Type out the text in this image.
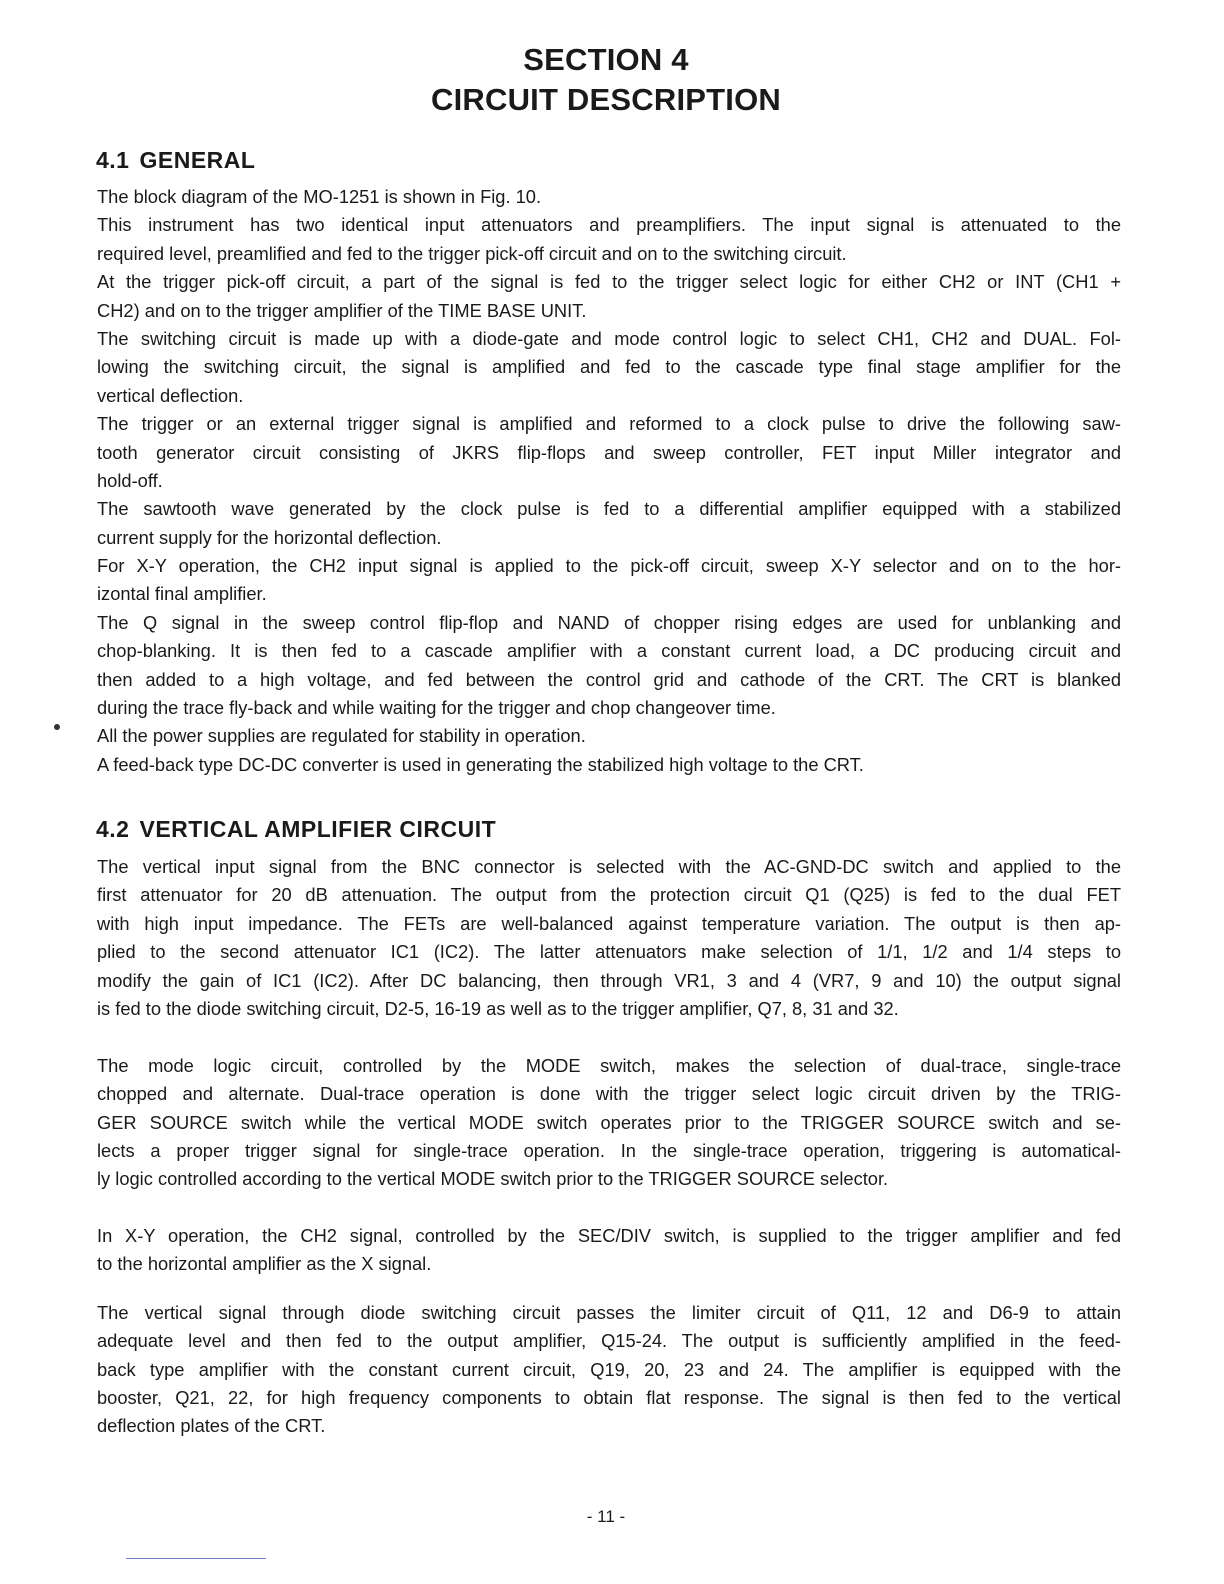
SECTION 4
CIRCUIT DESCRIPTION
4.1 GENERAL
The block diagram of the MO-1251 is shown in Fig. 10.
This instrument has two identical input attenuators and preamplifiers. The input signal is attenuated to the
required level, preamlified and fed to the trigger pick-off circuit and on to the switching circuit.
At the trigger pick-off circuit, a part of the signal is fed to the trigger select logic for either CH2 or INT (CH1 +
CH2) and on to the trigger amplifier of the TIME BASE UNIT.
The switching circuit is made up with a diode-gate and mode control logic to select CH1, CH2 and DUAL. Fol-
lowing the switching circuit, the signal is amplified and fed to the cascade type final stage amplifier for the
vertical deflection.
The trigger or an external trigger signal is amplified and reformed to a clock pulse to drive the following saw-
tooth generator circuit consisting of JKRS flip-flops and sweep controller, FET input Miller integrator and
hold-off.
The sawtooth wave generated by the clock pulse is fed to a differential amplifier equipped with a stabilized
current supply for the horizontal deflection.
For X-Y operation, the CH2 input signal is applied to the pick-off circuit, sweep X-Y selector and on to the hor-
izontal final amplifier.
The Q signal in the sweep control flip-flop and NAND of chopper rising edges are used for unblanking and
chop-blanking. It is then fed to a cascade amplifier with a constant current load, a DC producing circuit and
then added to a high voltage, and fed between the control grid and cathode of the CRT. The CRT is blanked
during the trace fly-back and while waiting for the trigger and chop changeover time.
All the power supplies are regulated for stability in operation.
A feed-back type DC-DC converter is used in generating the stabilized high voltage to the CRT.
4.2 VERTICAL AMPLIFIER CIRCUIT
The vertical input signal from the BNC connector is selected with the AC-GND-DC switch and applied to the
first attenuator for 20 dB attenuation. The output from the protection circuit Q1 (Q25) is fed to the dual FET
with high input impedance. The FETs are well-balanced against temperature variation. The output is then ap-
plied to the second attenuator IC1 (IC2). The latter attenuators make selection of 1/1, 1/2 and 1/4 steps to
modify the gain of IC1 (IC2). After DC balancing, then through VR1, 3 and 4 (VR7, 9 and 10) the output signal
is fed to the diode switching circuit, D2-5, 16-19 as well as to the trigger amplifier, Q7, 8, 31 and 32.
The mode logic circuit, controlled by the MODE switch, makes the selection of dual-trace, single-trace
chopped and alternate. Dual-trace operation is done with the trigger select logic circuit driven by the TRIG-
GER SOURCE switch while the vertical MODE switch operates prior to the TRIGGER SOURCE switch and se-
lects a proper trigger signal for single-trace operation. In the single-trace operation, triggering is automatical-
ly logic controlled according to the vertical MODE switch prior to the TRIGGER SOURCE selector.
In X-Y operation, the CH2 signal, controlled by the SEC/DIV switch, is supplied to the trigger amplifier and fed
to the horizontal amplifier as the X signal.
The vertical signal through diode switching circuit passes the limiter circuit of Q11, 12 and D6-9 to attain
adequate level and then fed to the output amplifier, Q15-24. The output is sufficiently amplified in the feed-
back type amplifier with the constant current circuit, Q19, 20, 23 and 24. The amplifier is equipped with the
booster, Q21, 22, for high frequency components to obtain flat response. The signal is then fed to the vertical
deflection plates of the CRT.
- 11 -
